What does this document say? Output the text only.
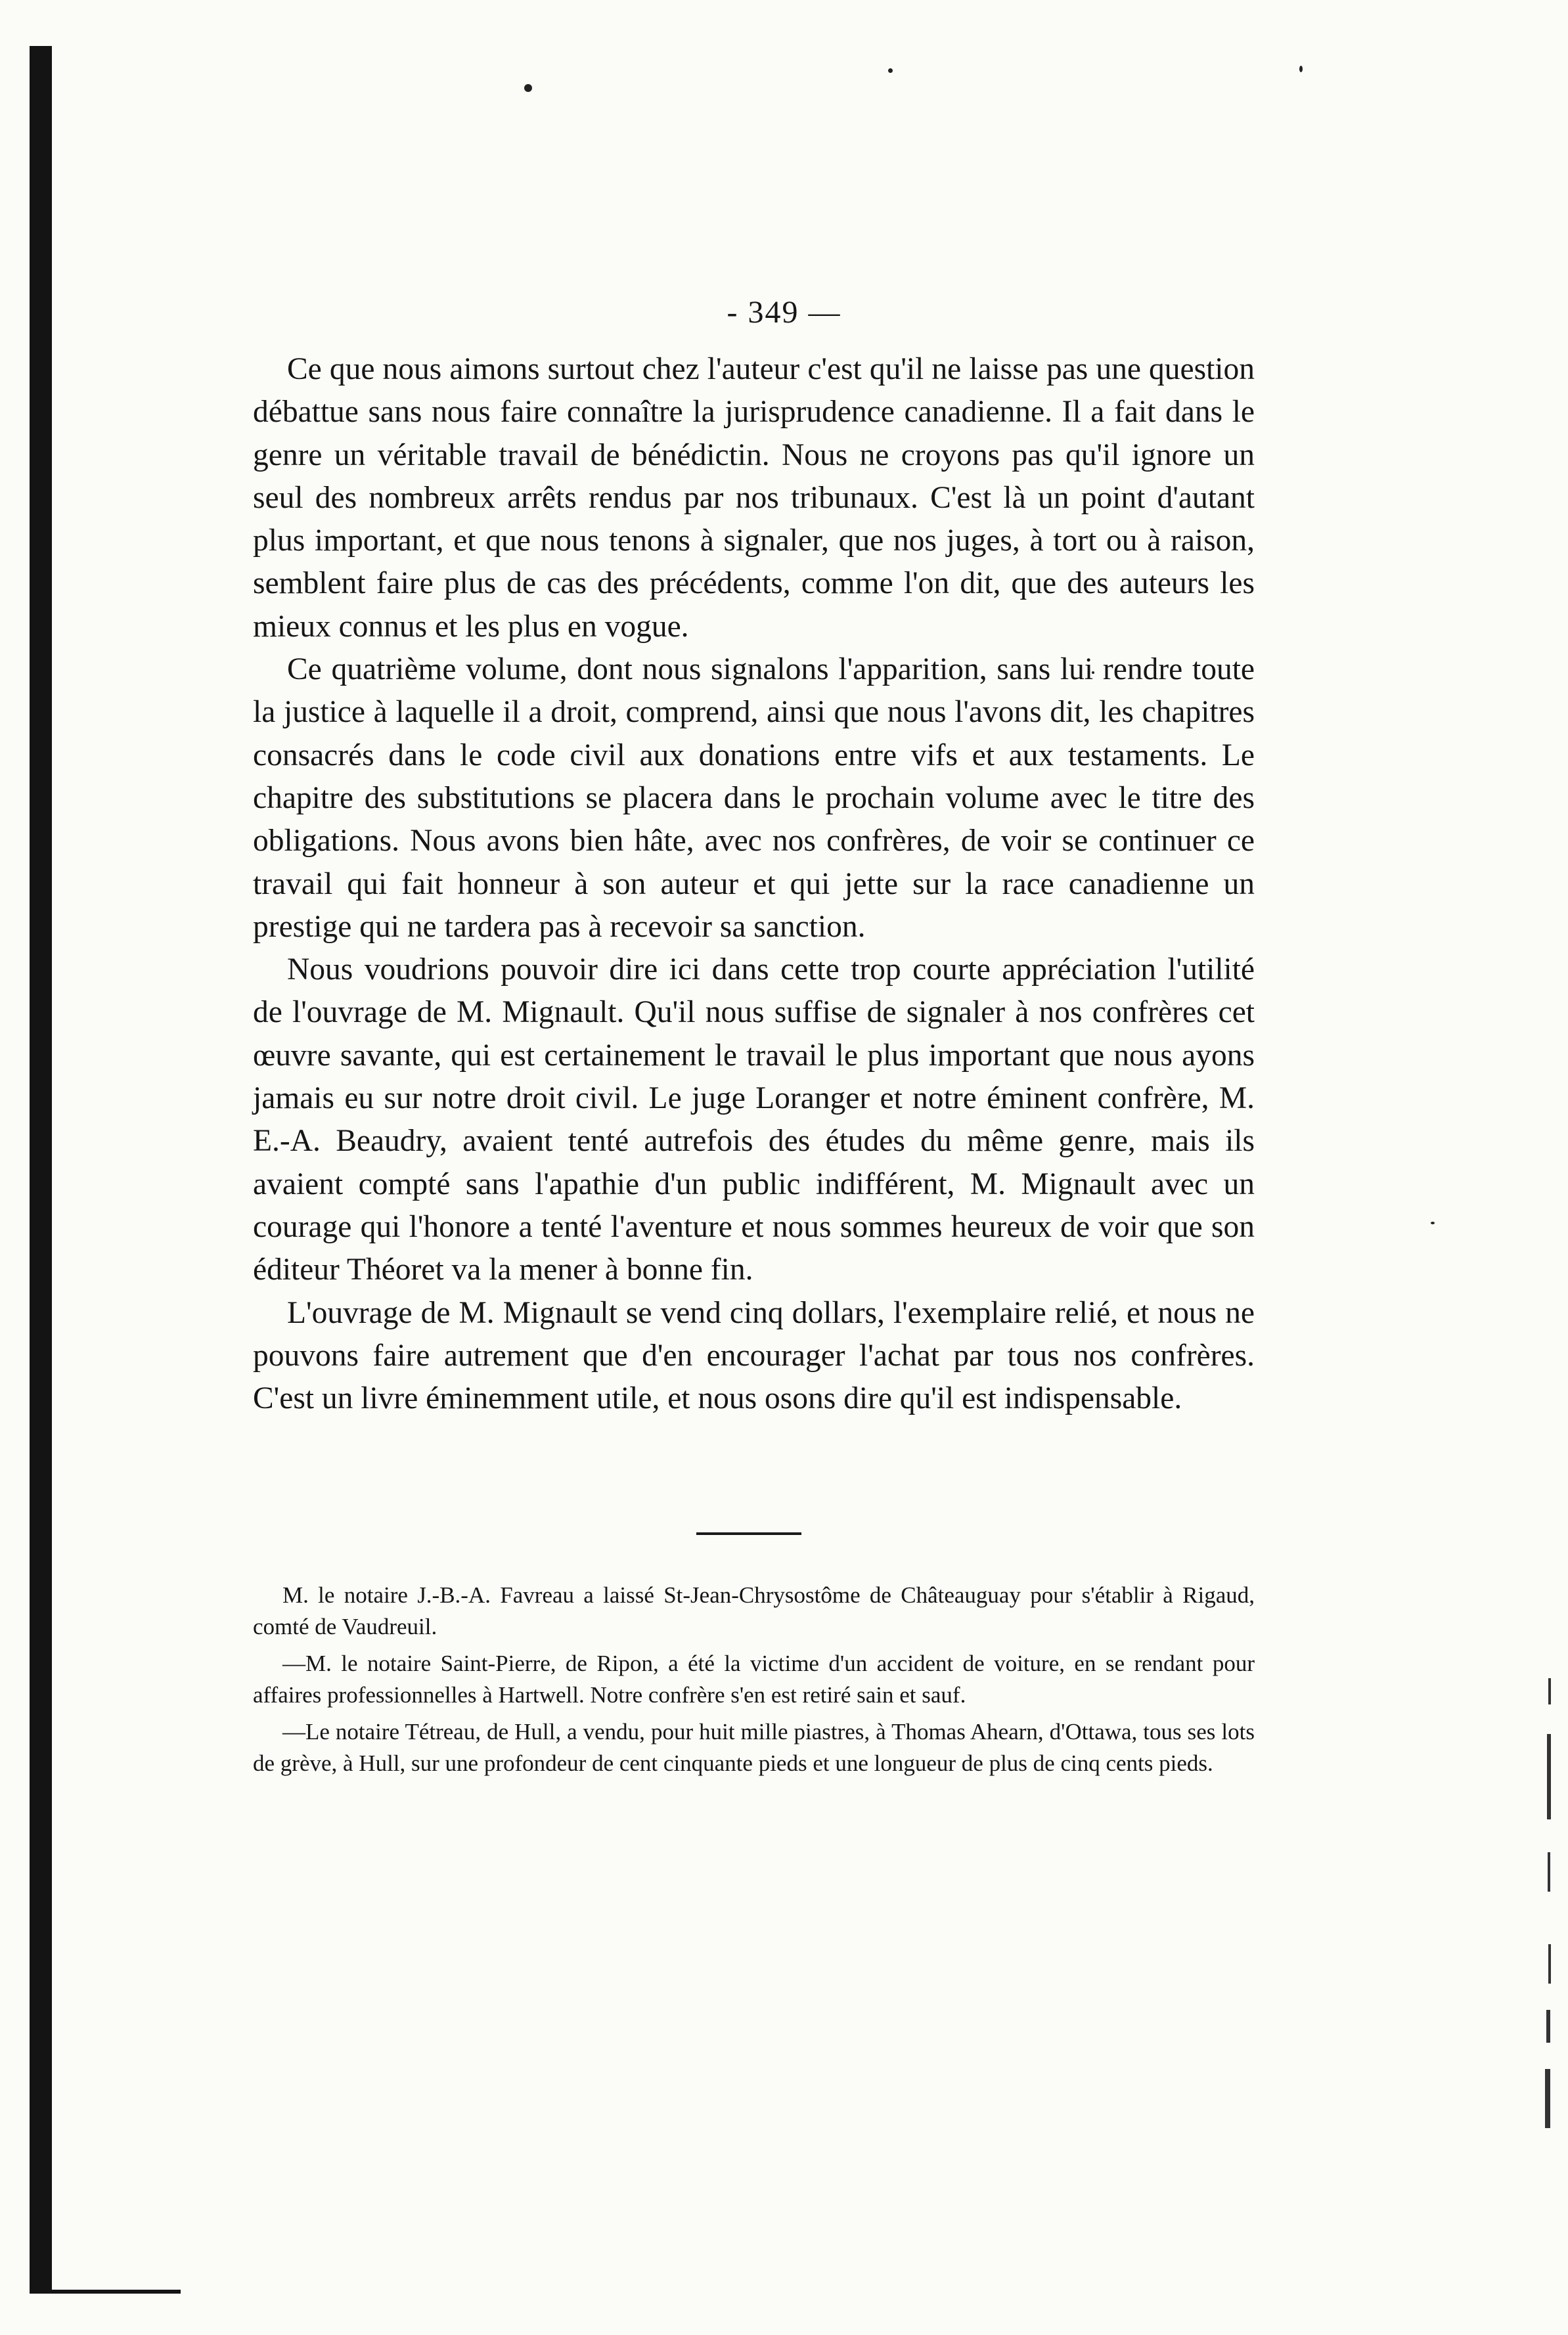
- 349 —

Ce que nous aimons surtout chez l'auteur c'est qu'il ne laisse pas une question débattue sans nous faire connaître la jurisprudence canadienne. Il a fait dans le genre un véritable travail de bénédictin. Nous ne croyons pas qu'il ignore un seul des nombreux arrêts rendus par nos tribunaux. C'est là un point d'autant plus important, et que nous tenons à signaler, que nos juges, à tort ou à raison, semblent faire plus de cas des précédents, comme l'on dit, que des auteurs les mieux connus et les plus en vogue.

Ce quatrième volume, dont nous signalons l'apparition, sans lui rendre toute la justice à laquelle il a droit, comprend, ainsi que nous l'avons dit, les chapitres consacrés dans le code civil aux donations entre vifs et aux testaments. Le chapitre des substitutions se placera dans le prochain volume avec le titre des obligations. Nous avons bien hâte, avec nos confrères, de voir se continuer ce travail qui fait honneur à son auteur et qui jette sur la race canadienne un prestige qui ne tardera pas à recevoir sa sanction.

Nous voudrions pouvoir dire ici dans cette trop courte appréciation l'utilité de l'ouvrage de M. Mignault. Qu'il nous suffise de signaler à nos confrères cet œuvre savante, qui est certainement le travail le plus important que nous ayons jamais eu sur notre droit civil. Le juge Loranger et notre éminent confrère, M. E.-A. Beaudry, avaient tenté autrefois des études du même genre, mais ils avaient compté sans l'apathie d'un public indifférent, M. Mignault avec un courage qui l'honore a tenté l'aventure et nous sommes heureux de voir que son éditeur Théoret va la mener à bonne fin.

L'ouvrage de M. Mignault se vend cinq dollars, l'exemplaire relié, et nous ne pouvons faire autrement que d'en encourager l'achat par tous nos confrères. C'est un livre éminemment utile, et nous osons dire qu'il est indispensable.

M. le notaire J.-B.-A. Favreau a laissé St-Jean-Chrysostôme de Châteauguay pour s'établir à Rigaud, comté de Vaudreuil.

—M. le notaire Saint-Pierre, de Ripon, a été la victime d'un accident de voiture, en se rendant pour affaires professionnelles à Hartwell. Notre confrère s'en est retiré sain et sauf.

—Le notaire Tétreau, de Hull, a vendu, pour huit mille piastres, à Thomas Ahearn, d'Ottawa, tous ses lots de grève, à Hull, sur une profondeur de cent cinquante pieds et une longueur de plus de cinq cents pieds.
